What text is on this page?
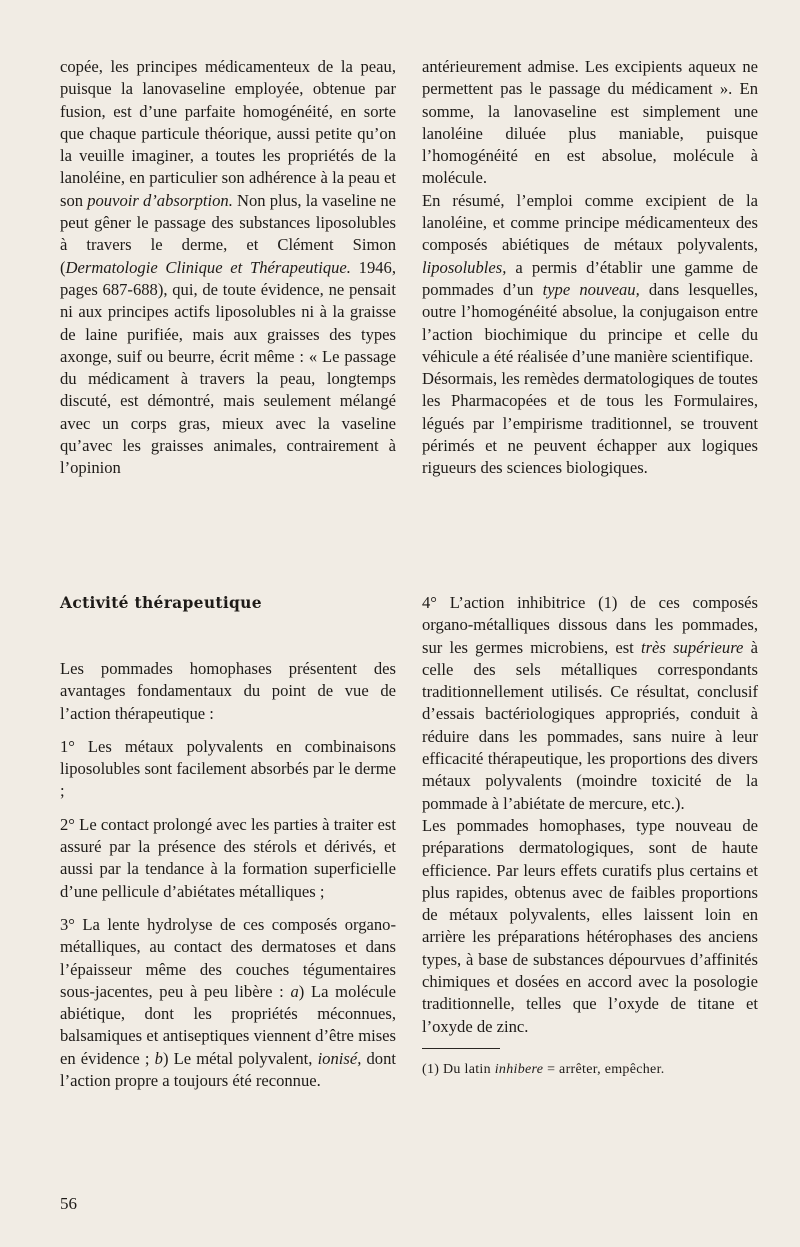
copée, les principes médicamenteux de la peau, puisque la lanovaseline employée, obtenue par fusion, est d’une parfaite homogénéité, en sorte que chaque particule théorique, aussi petite qu’on la veuille imaginer, a toutes les propriétés de la lanoléine, en particulier son adhérence à la peau et son pouvoir d’absorption. Non plus, la vaseline ne peut gêner le passage des substances liposolubles à travers le derme, et Clément Simon (Dermatologie Clinique et Thérapeutique. 1946, pages 687-688), qui, de toute évidence, ne pensait ni aux principes actifs liposolubles ni à la graisse de laine purifiée, mais aux graisses des types axonge, suif ou beurre, écrit même : « Le passage du médicament à travers la peau, longtemps discuté, est démontré, mais seulement mélangé avec un corps gras, mieux avec la vaseline qu’avec les graisses animales, contrairement à l’opinion

antérieurement admise. Les excipients aqueux ne permettent pas le passage du médicament ». En somme, la lanovaseline est simplement une lanoléine diluée plus maniable, puisque l’homogénéité en est absolue, molécule à molécule.

En résumé, l’emploi comme excipient de la lanoléine, et comme principe médicamenteux des composés abiétiques de métaux polyvalents, liposolubles, a permis d’établir une gamme de pommades d’un type nouveau, dans lesquelles, outre l’homogénéité absolue, la conjugaison entre l’action biochimique du principe et celle du véhicule a été réalisée d’une manière scientifique.

Désormais, les remèdes dermatologiques de toutes les Pharmacopées et de tous les Formulaires, légués par l’empirisme traditionnel, se trouvent périmés et ne peuvent échapper aux logiques rigueurs des sciences biologiques.

Activité thérapeutique

Les pommades homophases présentent des avantages fondamentaux du point de vue de l’action thérapeutique :

1° Les métaux polyvalents en combinaisons liposolubles sont facilement absorbés par le derme ;

2° Le contact prolongé avec les parties à traiter est assuré par la présence des stérols et dérivés, et aussi par la tendance à la formation superficielle d’une pellicule d’abiétates métalliques ;

3° La lente hydrolyse de ces composés organo-métalliques, au contact des dermatoses et dans l’épaisseur même des couches tégumentaires sous-jacentes, peu à peu libère : a) La molécule abiétique, dont les propriétés méconnues, balsamiques et antiseptiques viennent d’être mises en évidence ; b) Le métal polyvalent, ionisé, dont l’action propre a toujours été reconnue.

4° L’action inhibitrice (1) de ces composés organo-métalliques dissous dans les pommades, sur les germes microbiens, est très supérieure à celle des sels métalliques correspondants traditionnellement utilisés. Ce résultat, conclusif d’essais bactériologiques appropriés, conduit à réduire dans les pommades, sans nuire à leur efficacité thérapeutique, les proportions des divers métaux polyvalents (moindre toxicité de la pommade à l’abiétate de mercure, etc.).

Les pommades homophases, type nouveau de préparations dermatologiques, sont de haute efficience. Par leurs effets curatifs plus certains et plus rapides, obtenus avec de faibles proportions de métaux polyvalents, elles laissent loin en arrière les préparations hétérophases des anciens types, à base de substances dépourvues d’affinités chimiques et dosées en accord avec la posologie traditionnelle, telles que l’oxyde de titane et l’oxyde de zinc.

(1) Du latin inhibere = arrêter, empêcher.

56
